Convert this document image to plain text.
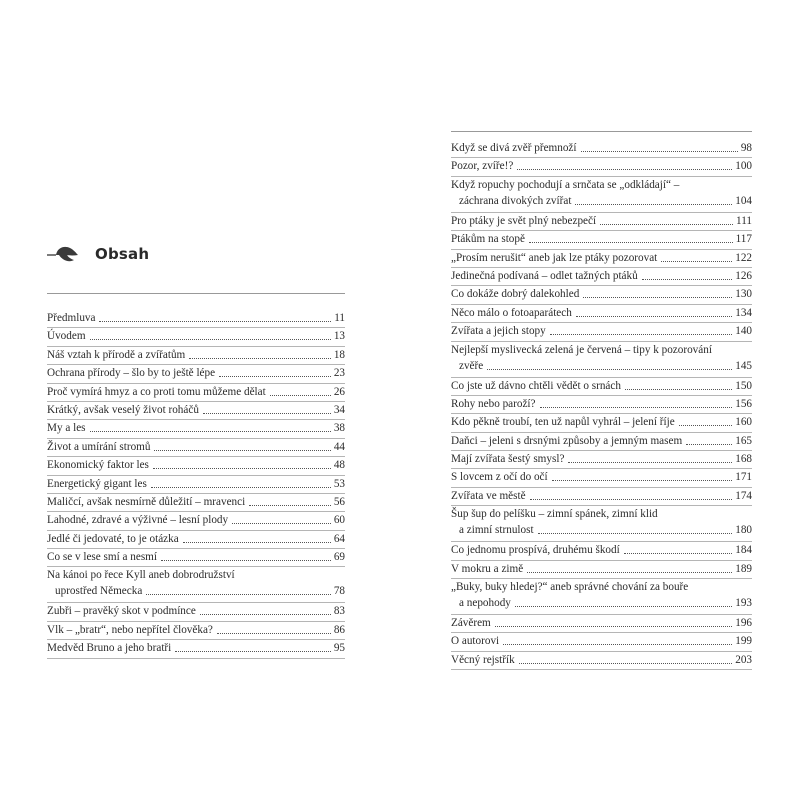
Obsah
Předmluva	11
Úvodem	13
Náš vztah k přírodě a zvířatům	18
Ochrana přírody – šlo by to ještě lépe	23
Proč vymírá hmyz a co proti tomu můžeme dělat	26
Krátký, avšak veselý život roháčů	34
My a les	38
Život a umírání stromů	44
Ekonomický faktor les	48
Energetický gigant les	53
Maličcí, avšak nesmírně důležití – mravenci	56
Lahodné, zdravé a výživné – lesní plody	60
Jedlé či jedovaté, to je otázka	64
Co se v lese smí a nesmí	69
Na kánoi po řece Kyll aneb dobrodružství
uprostřed Německa	78
Zubři – pravěký skot v podmínce	83
Vlk – „bratr“, nebo nepřítel člověka?	86
Medvěd Bruno a jeho bratři	95
Když se divá zvěř přemnoží	98
Pozor, zvíře!?	100
Když ropuchy pochodují a srnčata se „odkládají“ –
záchrana divokých zvířat	104
Pro ptáky je svět plný nebezpečí	111
Ptákům na stopě	117
„Prosím nerušit“ aneb jak lze ptáky pozorovat	122
Jedinečná podívaná – odlet tažných ptáků	126
Co dokáže dobrý dalekohled	130
Něco málo o fotoaparátech	134
Zvířata a jejich stopy	140
Nejlepší myslivecká zelená je červená – tipy k pozorování
zvěře	145
Co jste už dávno chtěli vědět o srnách	150
Rohy nebo paroží?	156
Kdo pěkně troubí, ten už napůl vyhrál – jelení říje	160
Daňci – jeleni s drsnými způsoby a jemným masem	165
Mají zvířata šestý smysl?	168
S lovcem z očí do očí	171
Zvířata ve městě	174
Šup šup do pelíšku – zimní spánek, zimní klid
a zimní strnulost	180
Co jednomu prospívá, druhému škodí	184
V mokru a zimě	189
„Buky, buky hledej?“ aneb správné chování za bouře
a nepohody	193
Závěrem	196
O autorovi	199
Věcný rejstřík	203
